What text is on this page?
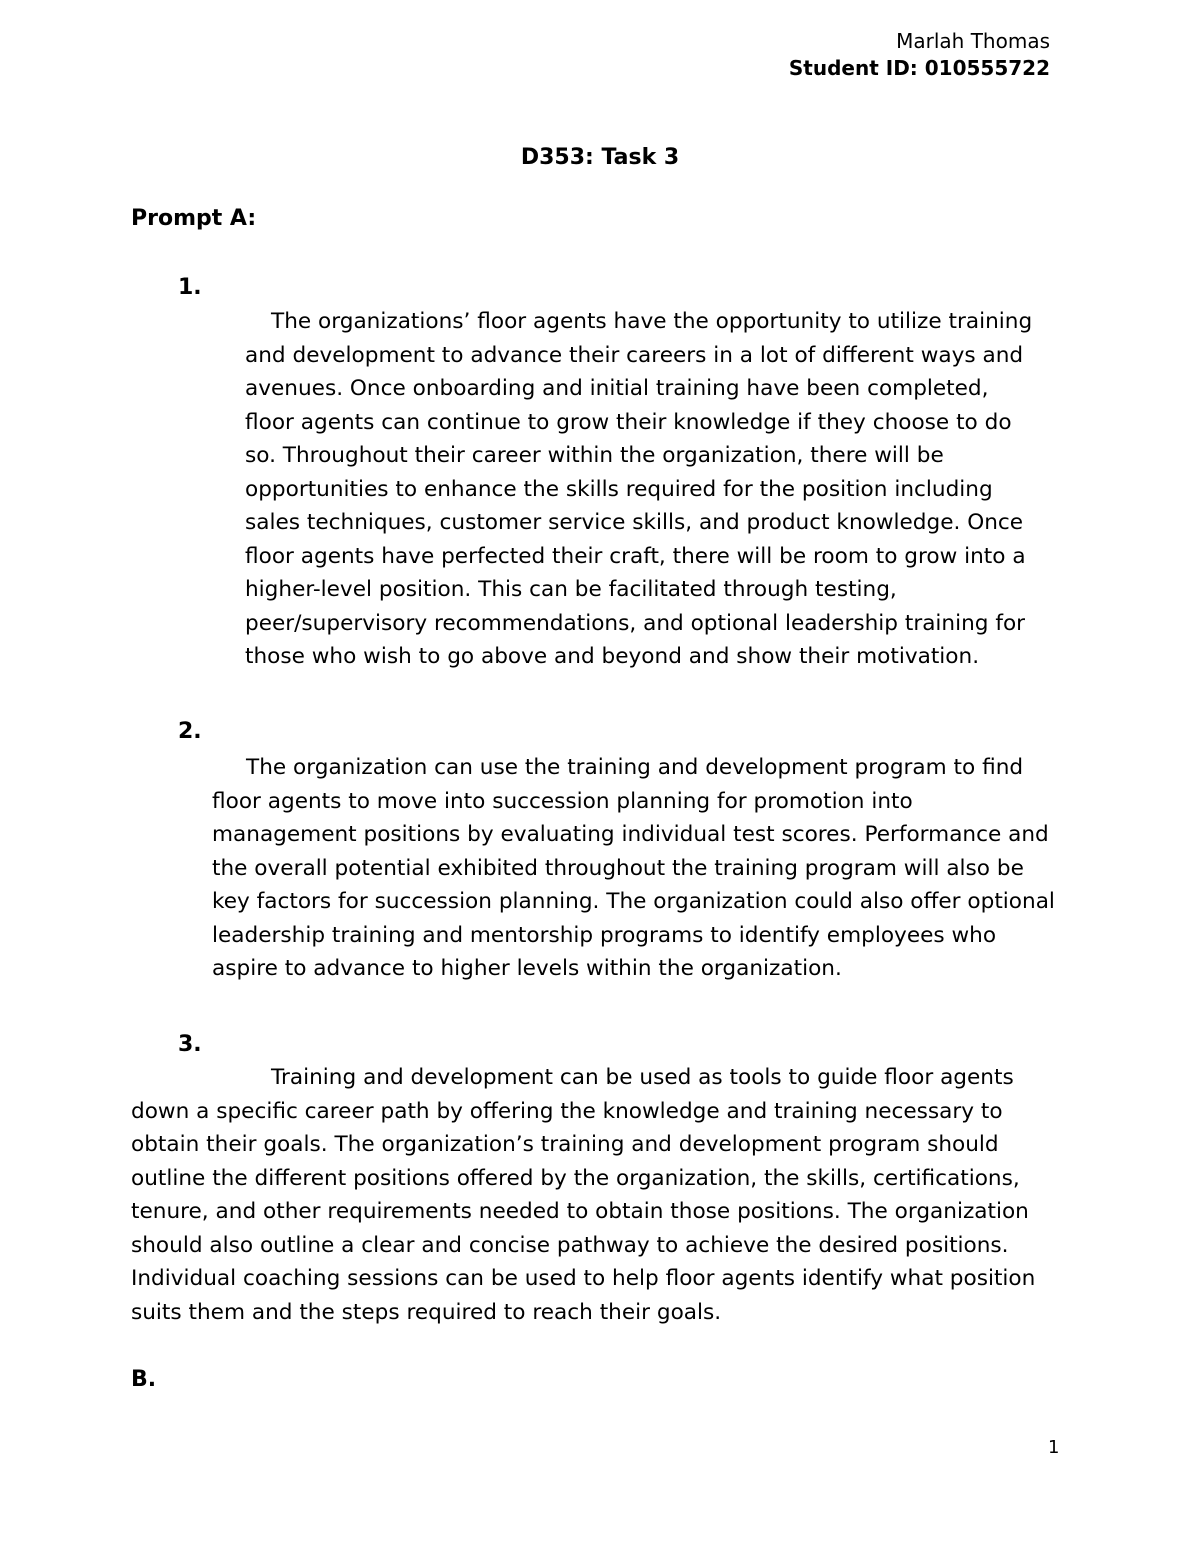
Marlah Thomas
Student ID: 010555722
D353: Task 3
Prompt A:
1.

The organizations’ floor agents have the opportunity to utilize training
and development to advance their careers in a lot of different ways and
avenues. Once onboarding and initial training have been completed,
floor agents can continue to grow their knowledge if they choose to do
so. Throughout their career within the organization, there will be
opportunities to enhance the skills required for the position including
sales techniques, customer service skills, and product knowledge. Once
floor agents have perfected their craft, there will be room to grow into a
higher-level position. This can be facilitated through testing,
peer/supervisory recommendations, and optional leadership training for
those who wish to go above and beyond and show their motivation.

2.

The organization can use the training and development program to find
floor agents to move into succession planning for promotion into
management positions by evaluating individual test scores. Performance and
the overall potential exhibited throughout the training program will also be
key factors for succession planning. The organization could also offer optional
leadership training and mentorship programs to identify employees who
aspire to advance to higher levels within the organization.

3.

Training and development can be used as tools to guide floor agents
down a specific career path by offering the knowledge and training necessary to
obtain their goals. The organization’s training and development program should
outline the different positions offered by the organization, the skills, certifications,
tenure, and other requirements needed to obtain those positions. The organization
should also outline a clear and concise pathway to achieve the desired positions.
Individual coaching sessions can be used to help floor agents identify what position
suits them and the steps required to reach their goals.

B.
1
